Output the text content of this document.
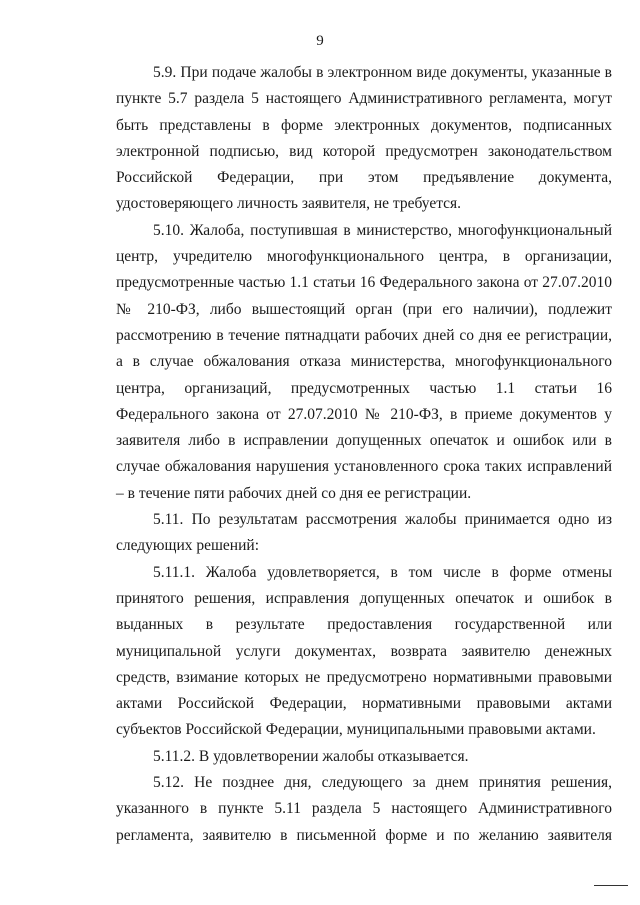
9

5.9. При подаче жалобы в электронном виде документы, указанные в пункте 5.7 раздела 5 настоящего Административного регламента, могут быть представлены в форме электронных документов, подписанных электронной подписью, вид которой предусмотрен законодательством Российской Федерации, при этом предъявление документа, удостоверяющего личность заявителя, не требуется.

5.10. Жалоба, поступившая в министерство, многофункциональный центр, учредителю многофункционального центра, в организации, предусмотренные частью 1.1 статьи 16 Федерального закона от 27.07.2010 № 210-ФЗ, либо вышестоящий орган (при его наличии), подлежит рассмотрению в течение пятнадцати рабочих дней со дня ее регистрации, а в случае обжалования отказа министерства, многофункционального центра, организаций, предусмотренных частью 1.1 статьи 16 Федерального закона от 27.07.2010 № 210-ФЗ, в приеме документов у заявителя либо в исправлении допущенных опечаток и ошибок или в случае обжалования нарушения установленного срока таких исправлений – в течение пяти рабочих дней со дня ее регистрации.

5.11. По результатам рассмотрения жалобы принимается одно из следующих решений:

5.11.1. Жалоба удовлетворяется, в том числе в форме отмены принятого решения, исправления допущенных опечаток и ошибок в выданных в результате предоставления государственной или муниципальной услуги документах, возврата заявителю денежных средств, взимание которых не предусмотрено нормативными правовыми актами Российской Федерации, нормативными правовыми актами субъектов Российской Федерации, муниципальными правовыми актами.

5.11.2. В удовлетворении жалобы отказывается.

5.12. Не позднее дня, следующего за днем принятия решения, указанного в пункте 5.11 раздела 5 настоящего Административного регламента, заявителю в письменной форме и по желанию заявителя
